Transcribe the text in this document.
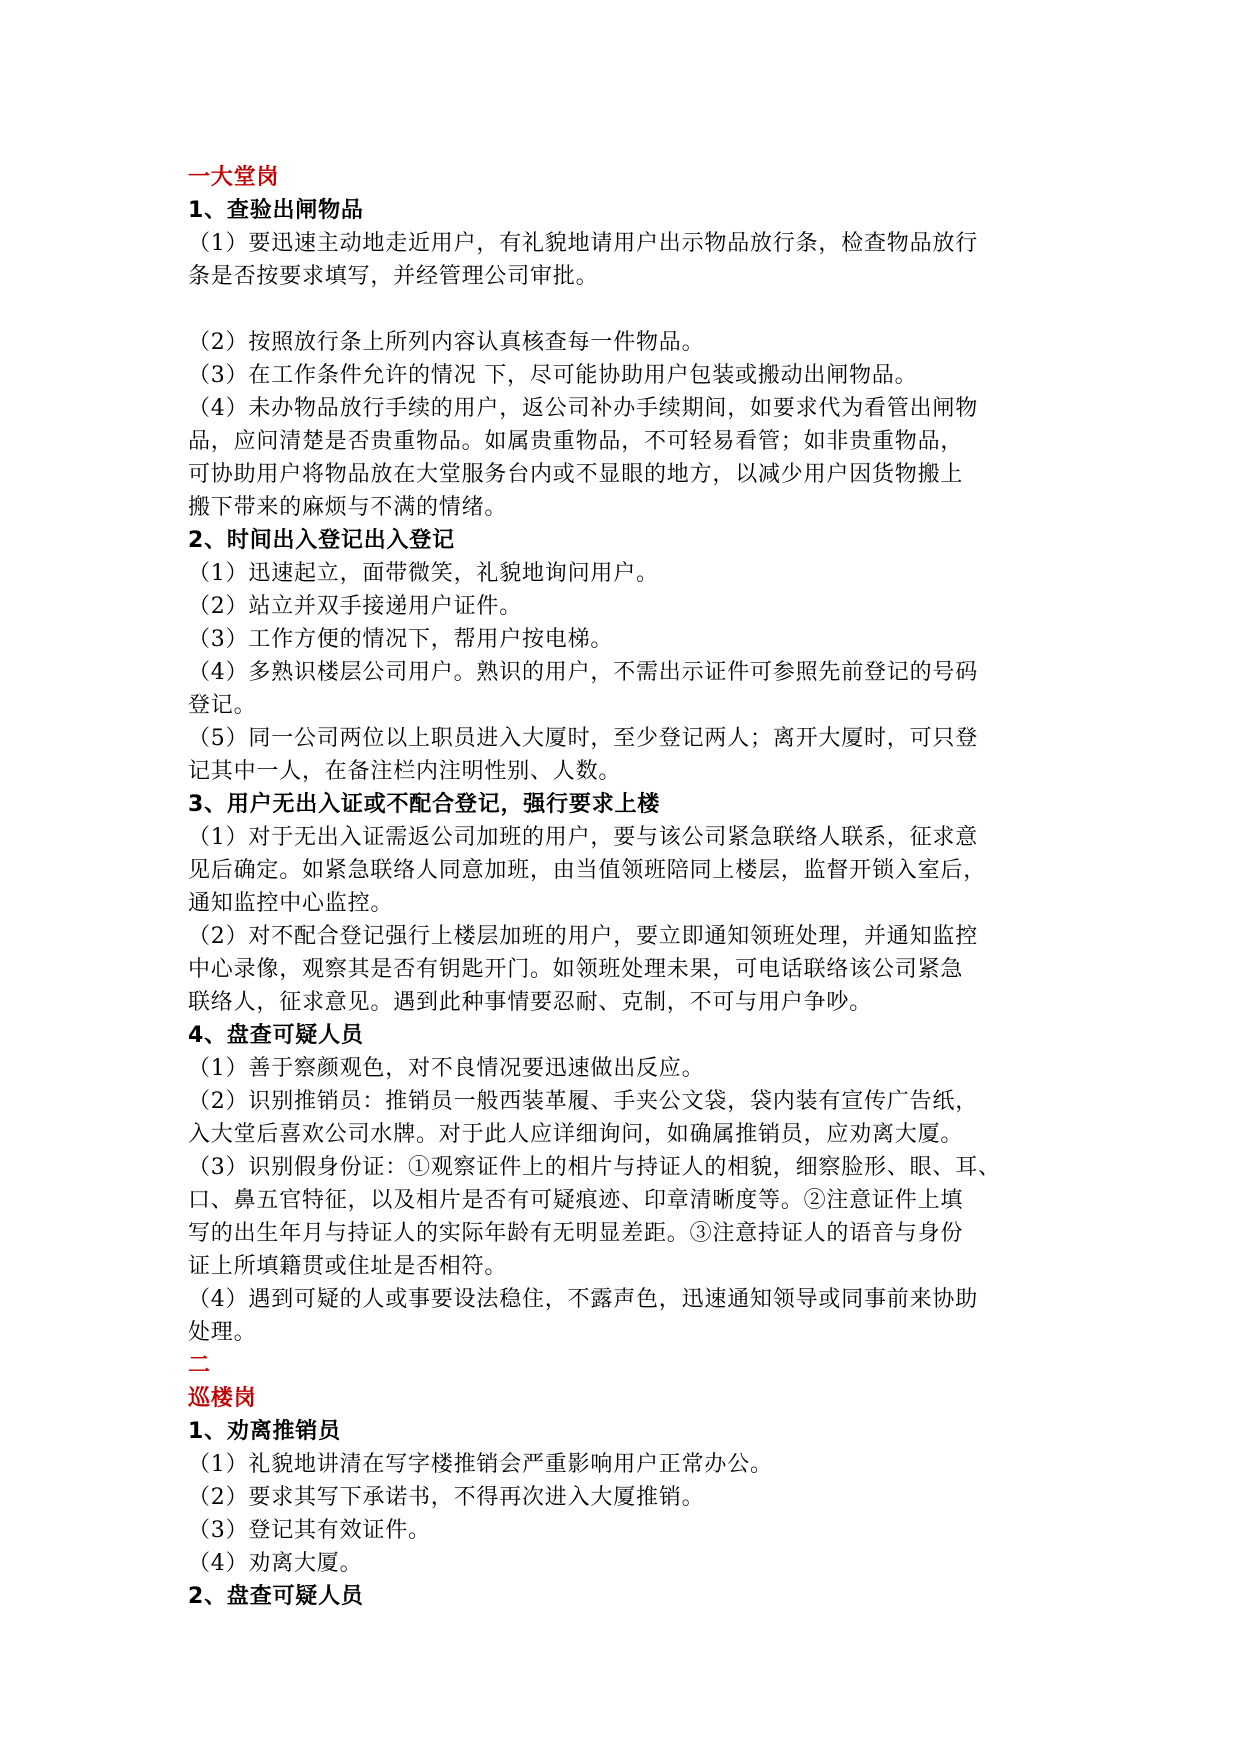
一大堂岗
1、查验出闸物品
（1）要迅速主动地走近用户，有礼貌地请用户出示物品放行条，检查物品放行
条是否按要求填写，并经管理公司审批。
（2）按照放行条上所列内容认真核查每一件物品。
（3）在工作条件允许的情况 下，尽可能协助用户包装或搬动出闸物品。
（4）未办物品放行手续的用户，返公司补办手续期间，如要求代为看管出闸物
品，应问清楚是否贵重物品。如属贵重物品，不可轻易看管；如非贵重物品，
可协助用户将物品放在大堂服务台内或不显眼的地方，以减少用户因货物搬上
搬下带来的麻烦与不满的情绪。
2、时间出入登记出入登记
（1）迅速起立，面带微笑，礼貌地询问用户。
（2）站立并双手接递用户证件。
（3）工作方便的情况下，帮用户按电梯。
（4）多熟识楼层公司用户。熟识的用户，不需出示证件可参照先前登记的号码
登记。
（5）同一公司两位以上职员进入大厦时，至少登记两人；离开大厦时，可只登
记其中一人，在备注栏内注明性别、人数。
3、用户无出入证或不配合登记，强行要求上楼
（1）对于无出入证需返公司加班的用户，要与该公司紧急联络人联系，征求意
见后确定。如紧急联络人同意加班，由当值领班陪同上楼层，监督开锁入室后，
通知监控中心监控。
（2）对不配合登记强行上楼层加班的用户，要立即通知领班处理，并通知监控
中心录像，观察其是否有钥匙开门。如领班处理未果，可电话联络该公司紧急
联络人，征求意见。遇到此种事情要忍耐、克制，不可与用户争吵。
4、盘查可疑人员
（1）善于察颜观色，对不良情况要迅速做出反应。
（2）识别推销员：推销员一般西装革履、手夹公文袋，袋内装有宣传广告纸，
入大堂后喜欢公司水牌。对于此人应详细询问，如确属推销员，应劝离大厦。
（3）识别假身份证：①观察证件上的相片与持证人的相貌，细察脸形、眼、耳、
口、鼻五官特征，以及相片是否有可疑痕迹、印章清晰度等。②注意证件上填
写的出生年月与持证人的实际年龄有无明显差距。③注意持证人的语音与身份
证上所填籍贯或住址是否相符。
（4）遇到可疑的人或事要设法稳住，不露声色，迅速通知领导或同事前来协助
处理。
二
巡楼岗
1、劝离推销员
（1）礼貌地讲清在写字楼推销会严重影响用户正常办公。
（2）要求其写下承诺书，不得再次进入大厦推销。
（3）登记其有效证件。
（4）劝离大厦。
2、盘查可疑人员
